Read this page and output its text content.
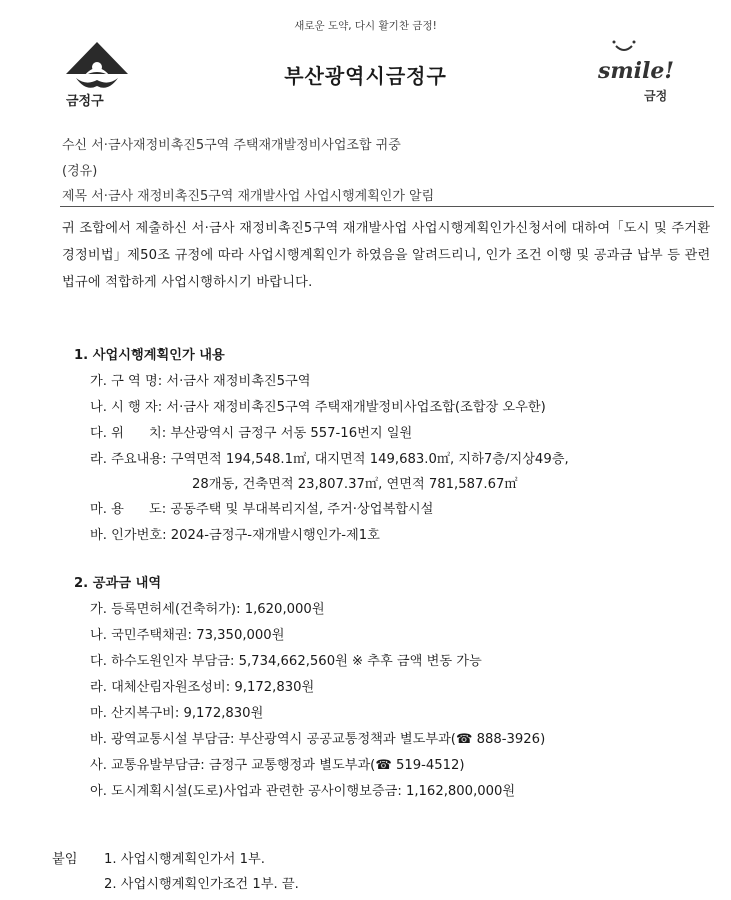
새로운 도약, 다시 활기찬 금정!
금정구
부산광역시금정구	smile!
금정
수신 서·금사재정비촉진5구역 주택재개발정비사업조합 귀중
(경유)
제목 서·금사 재정비촉진5구역 재개발사업 사업시행계획인가 알림
귀 조합에서 제출하신 서·금사 재정비촉진5구역 재개발사업 사업시행계획인가신청서에 대하여「도시 및 주거환경정비법」제50조 규정에 따라 사업시행계획인가 하였음을 알려드리니, 인가 조건 이행 및 공과금 납부 등 관련 법규에 적합하게 사업시행하시기 바랍니다.
1. 사업시행계획인가 내용
가. 구 역 명: 서·금사 재정비촉진5구역
나. 시 행 자: 서·금사 재정비촉진5구역 주택재개발정비사업조합(조합장 오우한)
다. 위      치: 부산광역시 금정구 서동 557-16번지 일원
라. 주요내용: 구역면적 194,548.1㎡, 대지면적 149,683.0㎡, 지하7층/지상49층,
28개동, 건축면적 23,807.37㎡, 연면적 781,587.67㎡
마. 용      도: 공동주택 및 부대복리지설, 주거·상업복합시설
바. 인가번호: 2024-금정구-재개발시행인가-제1호
2. 공과금 내역
가. 등록면허세(건축허가): 1,620,000원
나. 국민주택채권: 73,350,000원
다. 하수도원인자 부담금: 5,734,662,560원 ※ 추후 금액 변동 가능
라. 대체산림자원조성비: 9,172,830원
마. 산지복구비: 9,172,830원
바. 광역교통시설 부담금: 부산광역시 공공교통정책과 별도부과(☎ 888-3926)
사. 교통유발부담금: 금정구 교통행정과 별도부과(☎ 519-4512)
아. 도시계획시설(도로)사업과 관련한 공사이행보증금: 1,162,800,000원
붙임 1. 사업시행계획인가서 1부.
2. 사업시행계획인가조건 1부. 끝.
